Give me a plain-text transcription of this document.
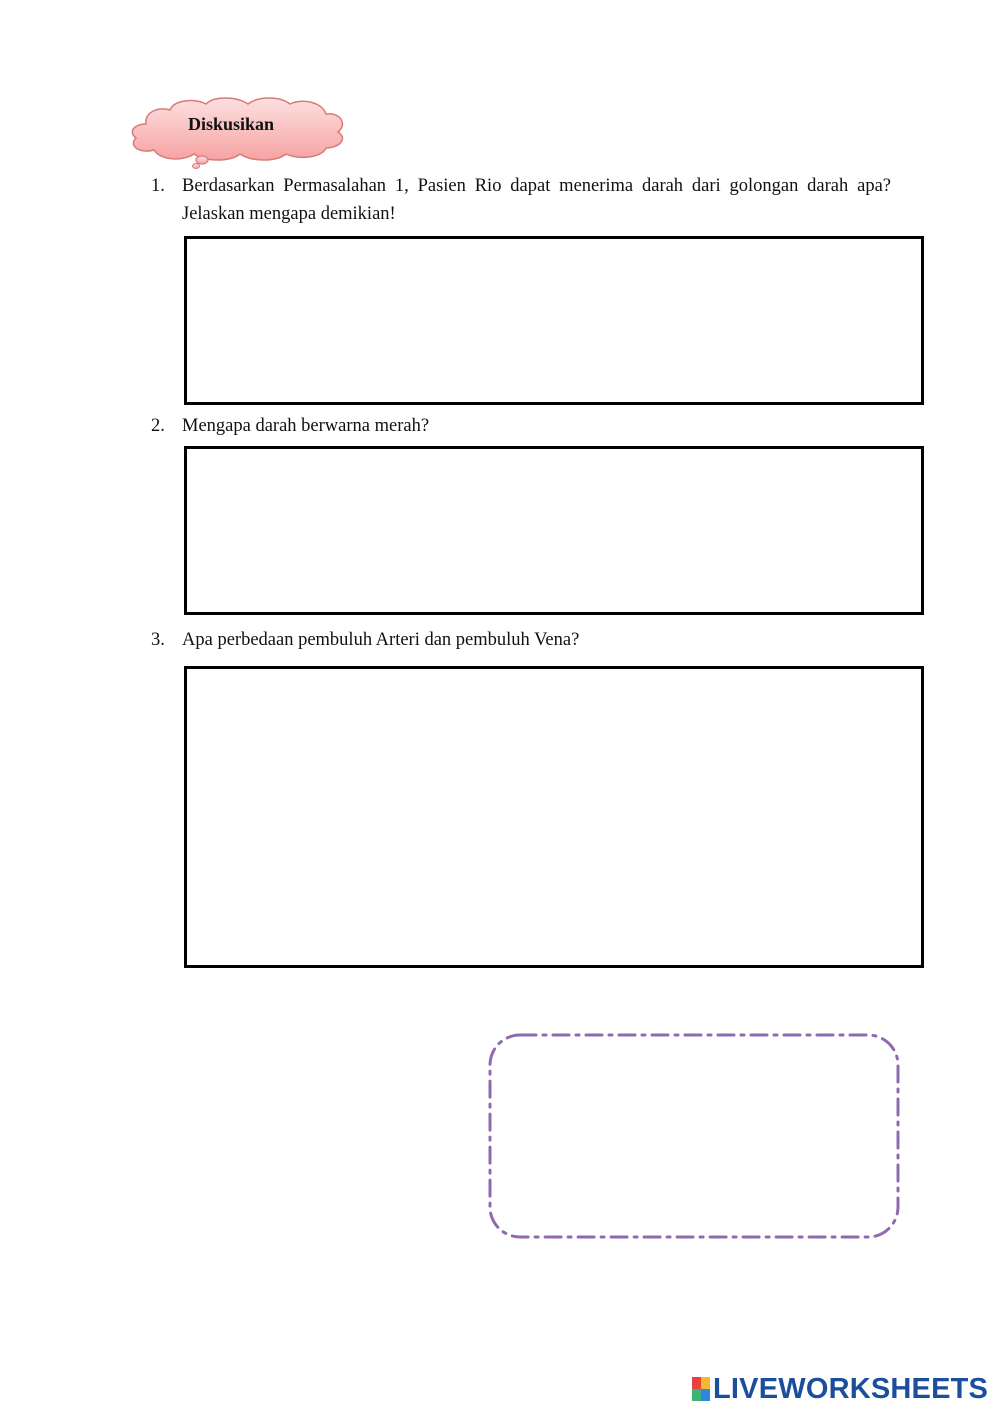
Diskusikan
1. Berdasarkan Permasalahan 1, Pasien Rio dapat menerima darah dari golongan darah apa? Jelaskan mengapa demikian!
2. Mengapa darah berwarna merah?
3. Apa perbedaan pembuluh Arteri dan pembuluh Vena?
LIVEWORKSHEETS
